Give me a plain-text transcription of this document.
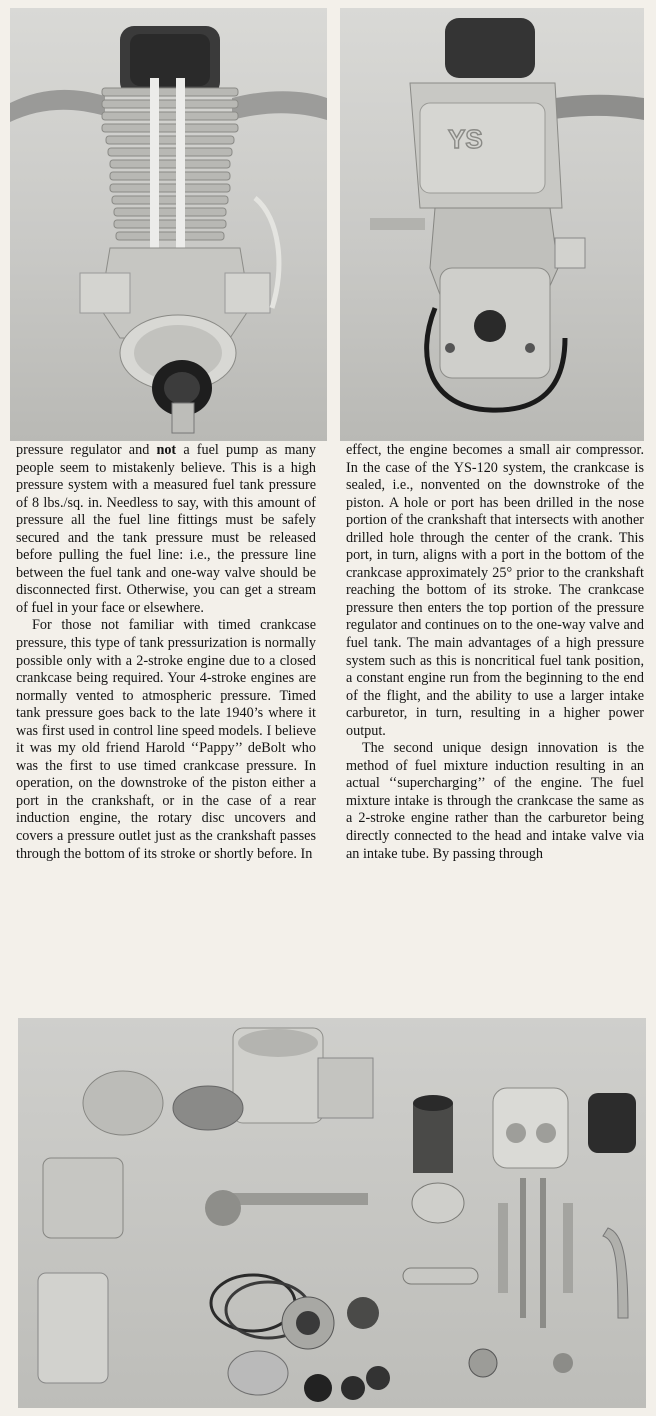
YS

pressure regulator and not a fuel pump as many people seem to mistakenly believe. This is a high pressure system with a measured fuel tank pressure of 8 lbs./sq. in. Needless to say, with this amount of pressure all the fuel line fittings must be safely secured and the tank pressure must be released before pulling the fuel line: i.e., the pressure line between the fuel tank and one-way valve should be disconnected first. Otherwise, you can get a stream of fuel in your face or elsewhere.

For those not familiar with timed crankcase pressure, this type of tank pressurization is normally possible only with a 2-stroke engine due to a closed crankcase being required. Your 4-stroke engines are normally vented to atmospheric pressure. Timed tank pressure goes back to the late 1940’s where it was first used in control line speed models. I believe it was my old friend Harold ‘‘Pappy’’ deBolt who was the first to use timed crankcase pressure. In operation, on the downstroke of the piston either a port in the crankshaft, or in the case of a rear induction engine, the rotary disc uncovers and covers a pressure outlet just as the crankshaft passes through the bottom of its stroke or shortly before. In

effect, the engine becomes a small air compressor. In the case of the YS-120 system, the crankcase is sealed, i.e., nonvented on the downstroke of the piston. A hole or port has been drilled in the nose portion of the crankshaft that intersects with another drilled hole through the center of the crank. This port, in turn, aligns with a port in the bottom of the crankcase approximately 25° prior to the crankshaft reaching the bottom of its stroke. The crankcase pressure then enters the top portion of the pressure regulator and continues on to the one-way valve and fuel tank. The main advantages of a high pressure system such as this is noncritical fuel tank position, a constant engine run from the beginning to the end of the flight, and the ability to use a larger intake carburetor, in turn, resulting in a higher power output.

The second unique design innovation is the method of fuel mixture induction resulting in an actual ‘‘supercharging’’ of the engine. The fuel mixture intake is through the crankcase the same as a 2-stroke engine rather than the carburetor being directly connected to the head and intake valve via an intake tube. By passing through
